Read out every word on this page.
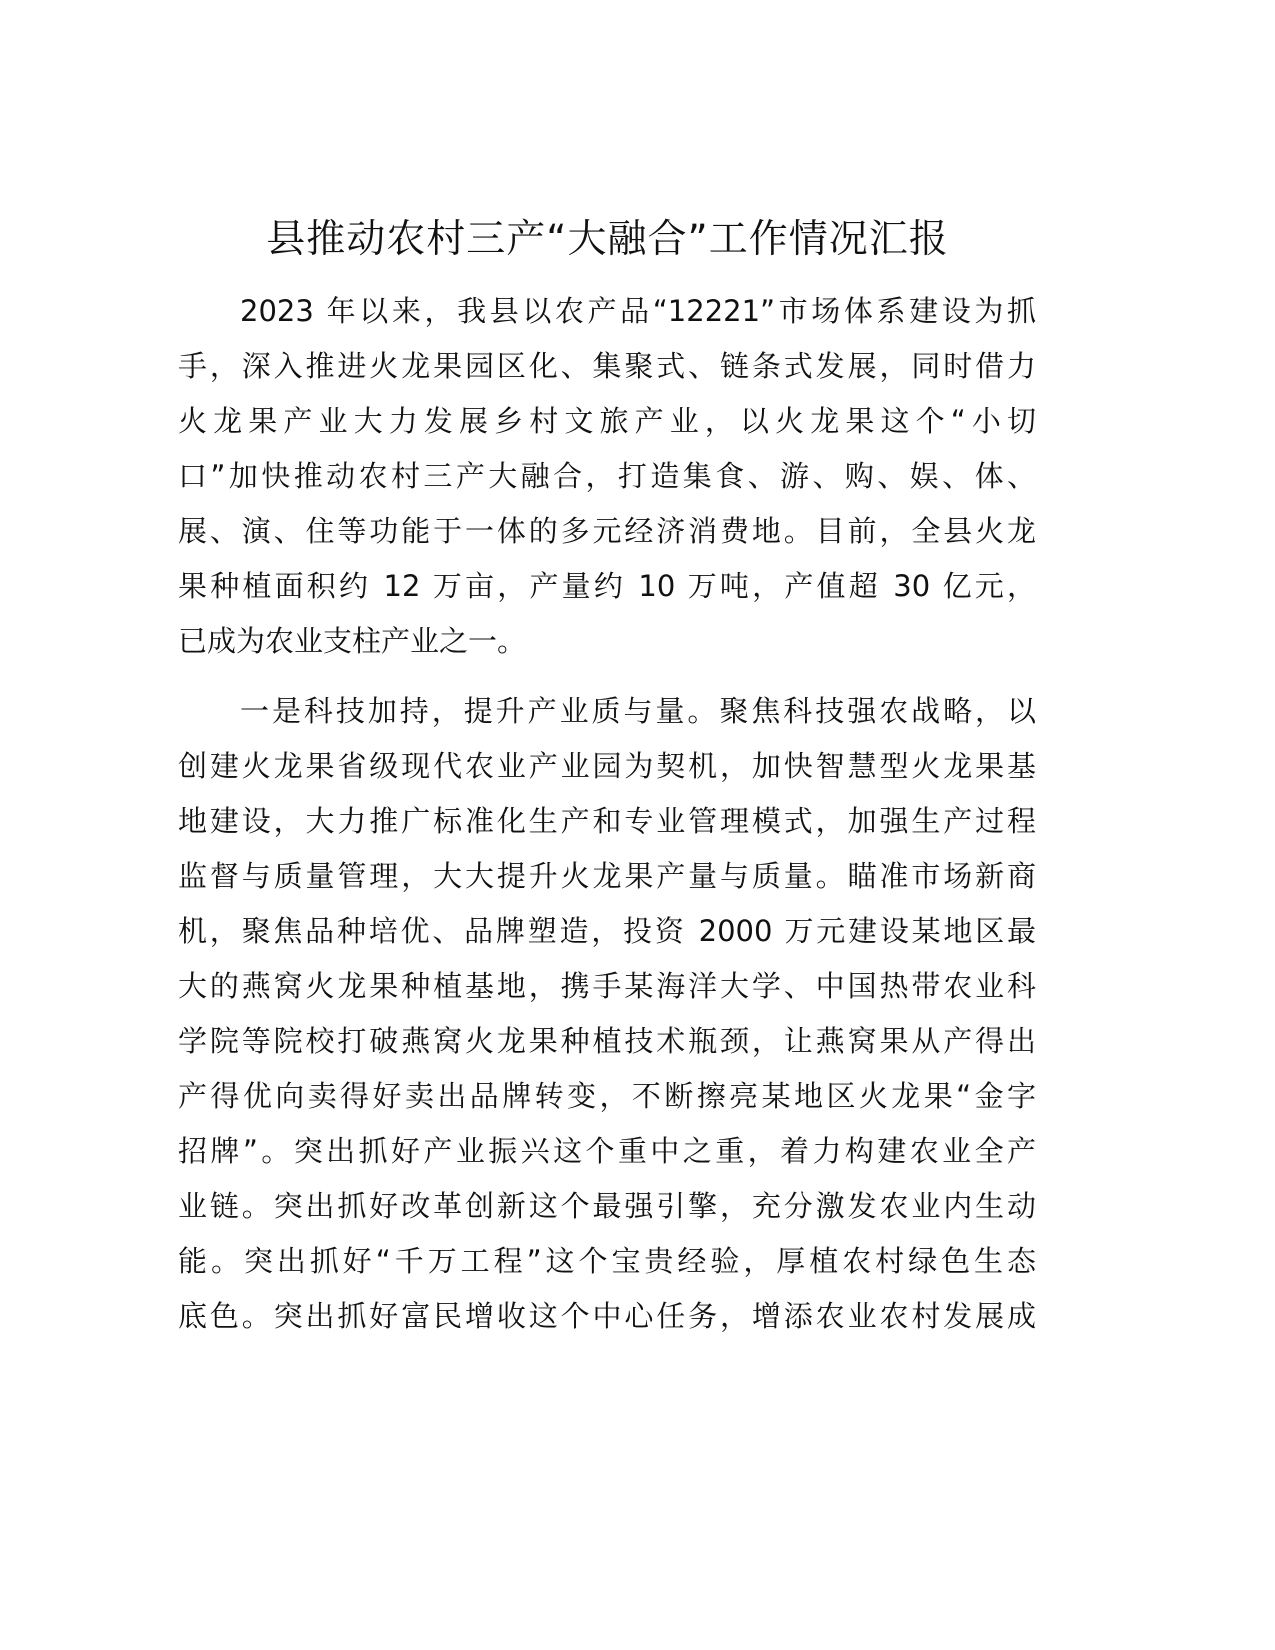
县推动农村三产“大融合”工作情况汇报
2023 年以来，我县以农产品“12221”市场体系建设为抓
手，深入推进火龙果园区化、集聚式、链条式发展，同时借力
火龙果产业大力发展乡村文旅产业，以火龙果这个“小切
口”加快推动农村三产大融合，打造集食、游、购、娱、体、
展、演、住等功能于一体的多元经济消费地。目前，全县火龙
果种植面积约 12 万亩，产量约 10 万吨，产值超 30 亿元，
已成为农业支柱产业之一。
一是科技加持，提升产业质与量。聚焦科技强农战略，以
创建火龙果省级现代农业产业园为契机，加快智慧型火龙果基
地建设，大力推广标准化生产和专业管理模式，加强生产过程
监督与质量管理，大大提升火龙果产量与质量。瞄准市场新商
机，聚焦品种培优、品牌塑造，投资 2000 万元建设某地区最
大的燕窝火龙果种植基地，携手某海洋大学、中国热带农业科
学院等院校打破燕窝火龙果种植技术瓶颈，让燕窝果从产得出
产得优向卖得好卖出品牌转变，不断擦亮某地区火龙果“金字
招牌”。突出抓好产业振兴这个重中之重，着力构建农业全产
业链。突出抓好改革创新这个最强引擎，充分激发农业内生动
能。突出抓好“千万工程”这个宝贵经验，厚植农村绿色生态
底色。突出抓好富民增收这个中心任务，增添农业农村发展成
